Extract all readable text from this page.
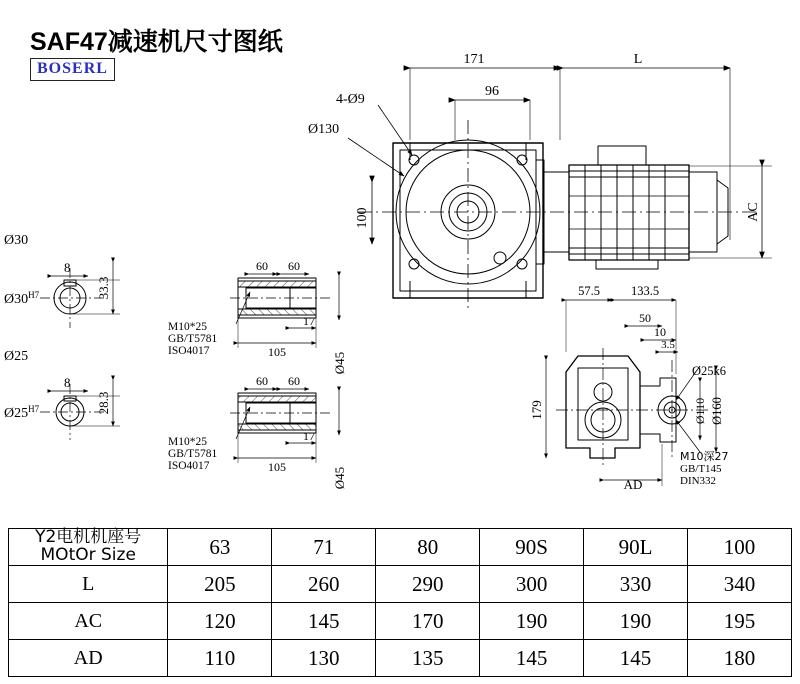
SAF47减速机尺寸图纸
BOSERL
171	L
96
4-Ø9
Ø130
100	AC
Ø30
$Ø30^{H7}$
8
33.3
Ø25
$Ø25^{H7}$
8
28.3
60 60
17
105	Ø45
M10*25
GB/T5781
ISO4017
60 60
17
105	Ø45
M10*25
GB/T5781
ISO4017
57.5 133.5
50
10
3.5
179
AD
Ø25k6
Ø110 Ø160
M10深27
GB/T145
DIN332
Y2电机机座号
MOtOr Size	63	71	80	90S	90L	100
L	205	260	290	300	330	340
AC	120	145	170	190	190	195
AD	110	130	135	145	145	180
